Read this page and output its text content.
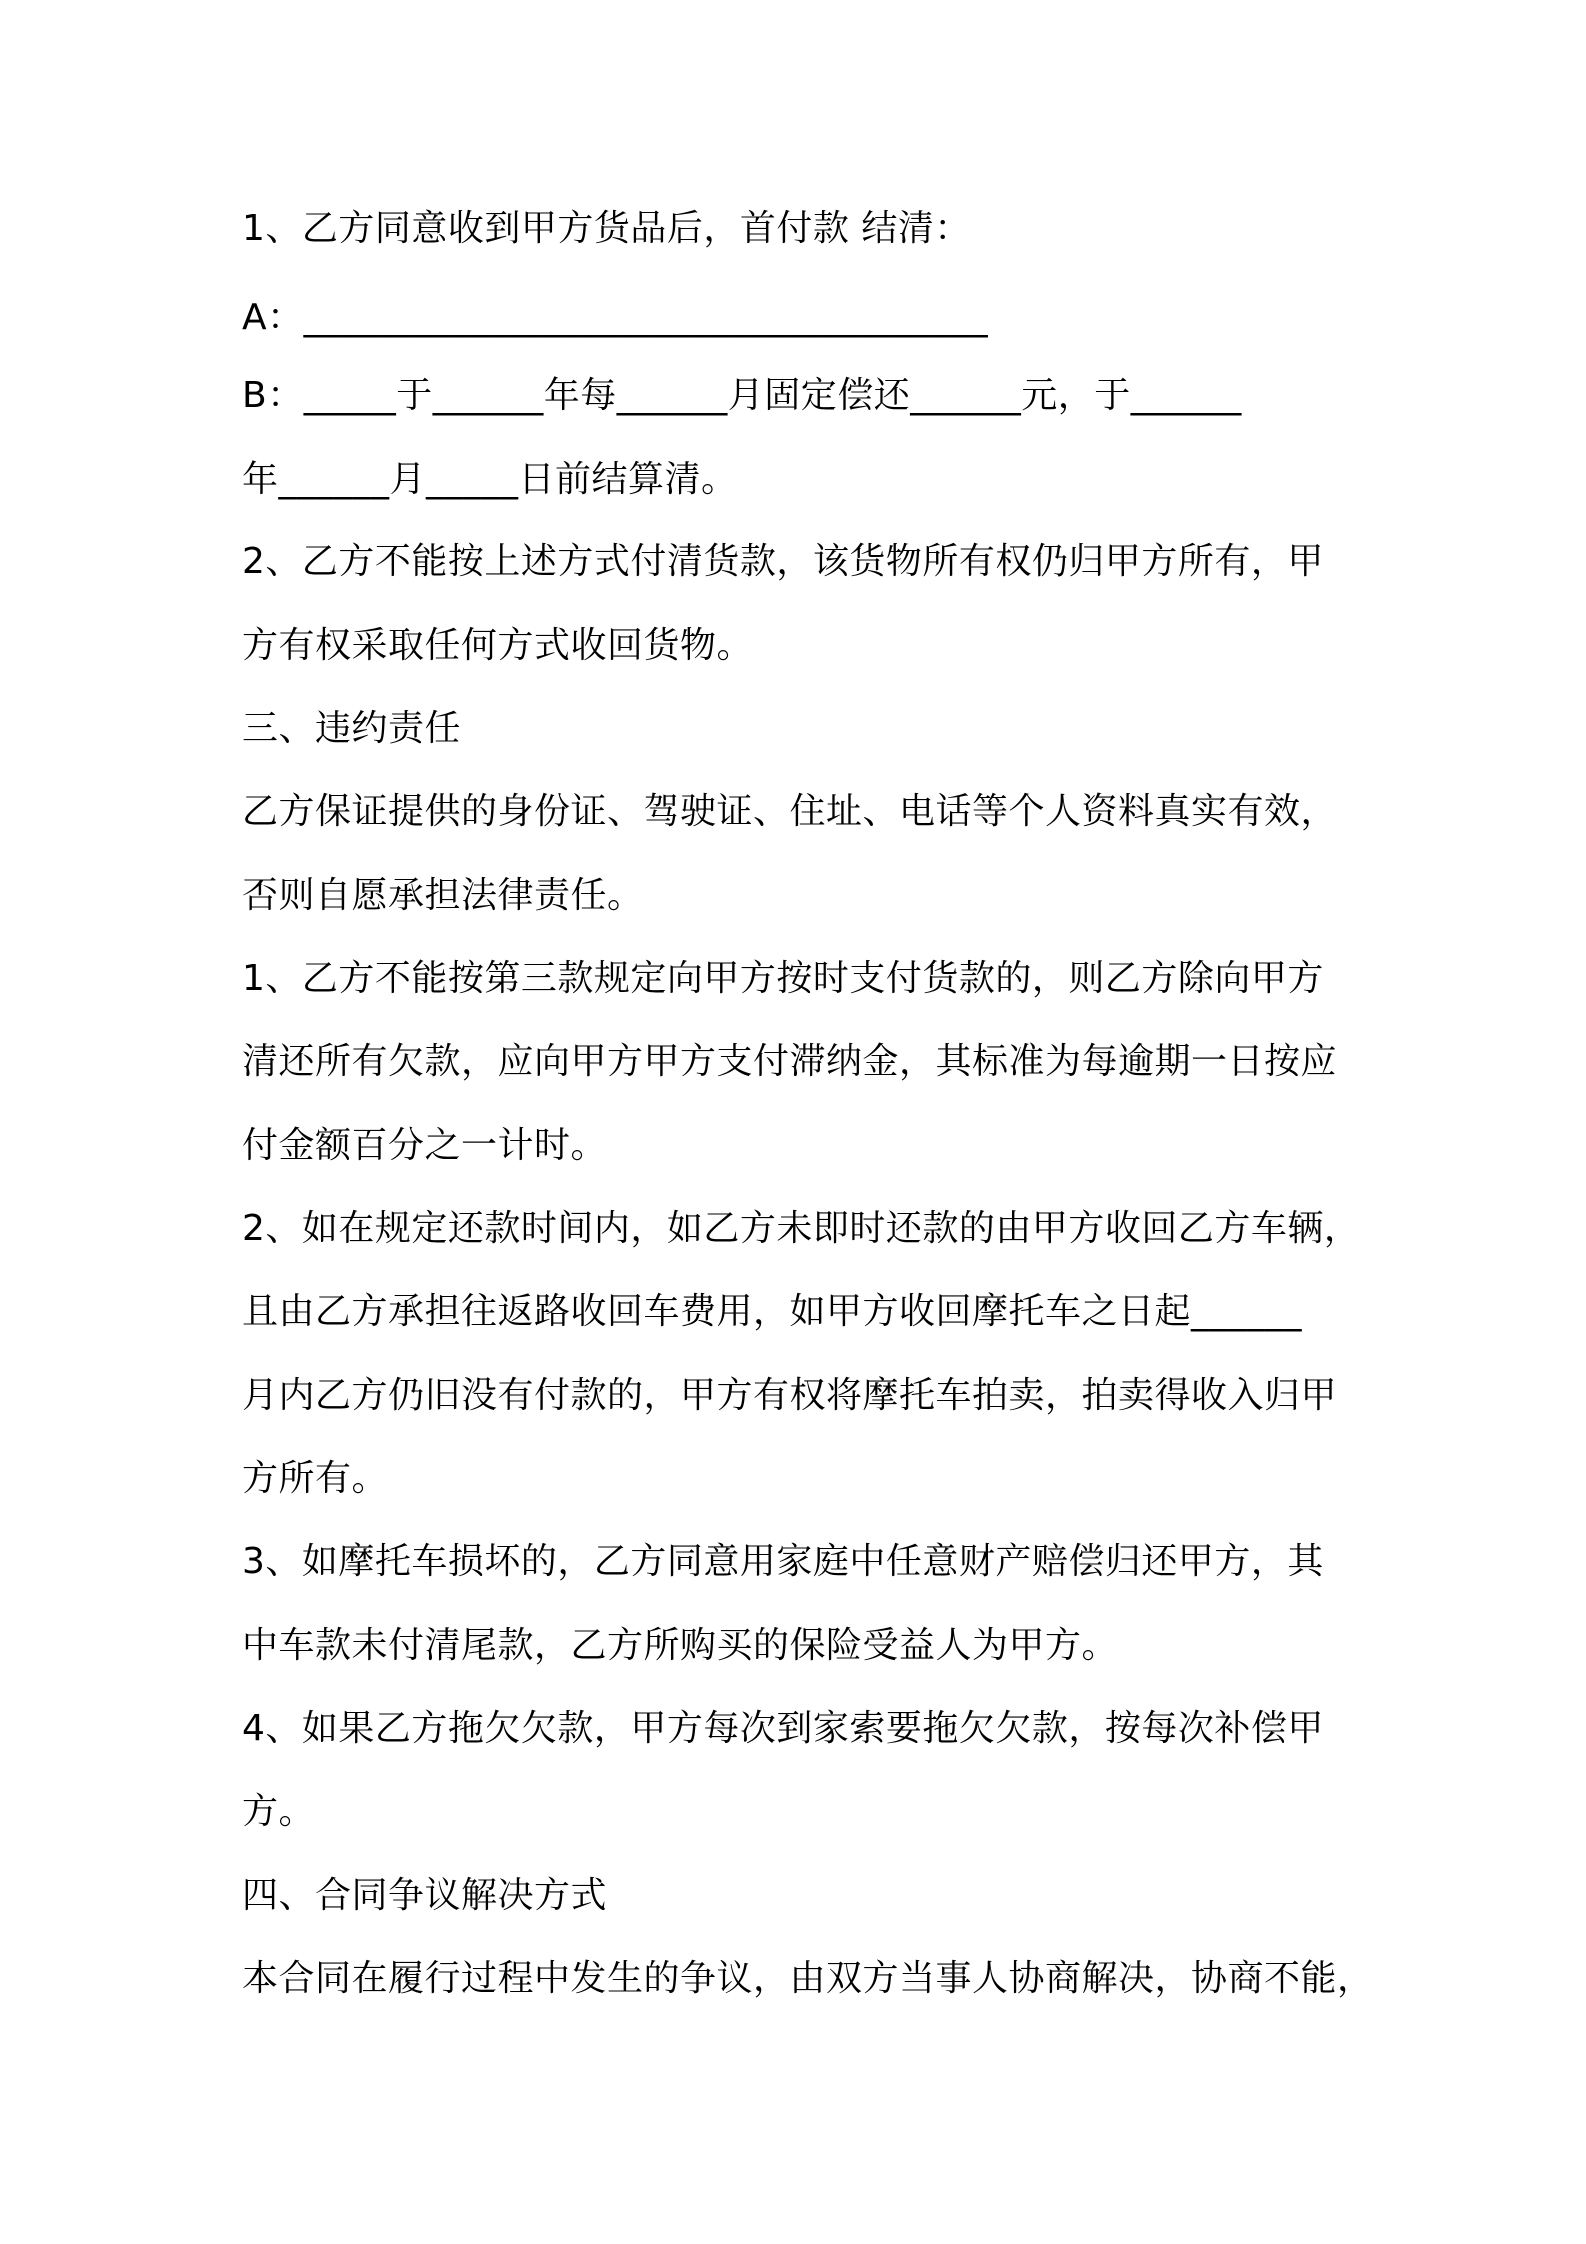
1、乙方同意收到甲方货品后，首付款 结清：
A：_____________________________________
B：_____于______年每______月固定偿还______元，于______
年______月_____日前结算清。
2、乙方不能按上述方式付清货款，该货物所有权仍归甲方所有，甲
方有权采取任何方式收回货物。
三、违约责任
乙方保证提供的身份证、驾驶证、住址、电话等个人资料真实有效，
否则自愿承担法律责任。
1、乙方不能按第三款规定向甲方按时支付货款的，则乙方除向甲方
清还所有欠款，应向甲方甲方支付滞纳金，其标准为每逾期一日按应
付金额百分之一计时。
2、如在规定还款时间内，如乙方未即时还款的由甲方收回乙方车辆，
且由乙方承担往返路收回车费用，如甲方收回摩托车之日起______
月内乙方仍旧没有付款的，甲方有权将摩托车拍卖，拍卖得收入归甲
方所有。
3、如摩托车损坏的，乙方同意用家庭中任意财产赔偿归还甲方，其
中车款未付清尾款，乙方所购买的保险受益人为甲方。
4、如果乙方拖欠欠款，甲方每次到家索要拖欠欠款，按每次补偿甲
方。
四、合同争议解决方式
本合同在履行过程中发生的争议，由双方当事人协商解决，协商不能，
